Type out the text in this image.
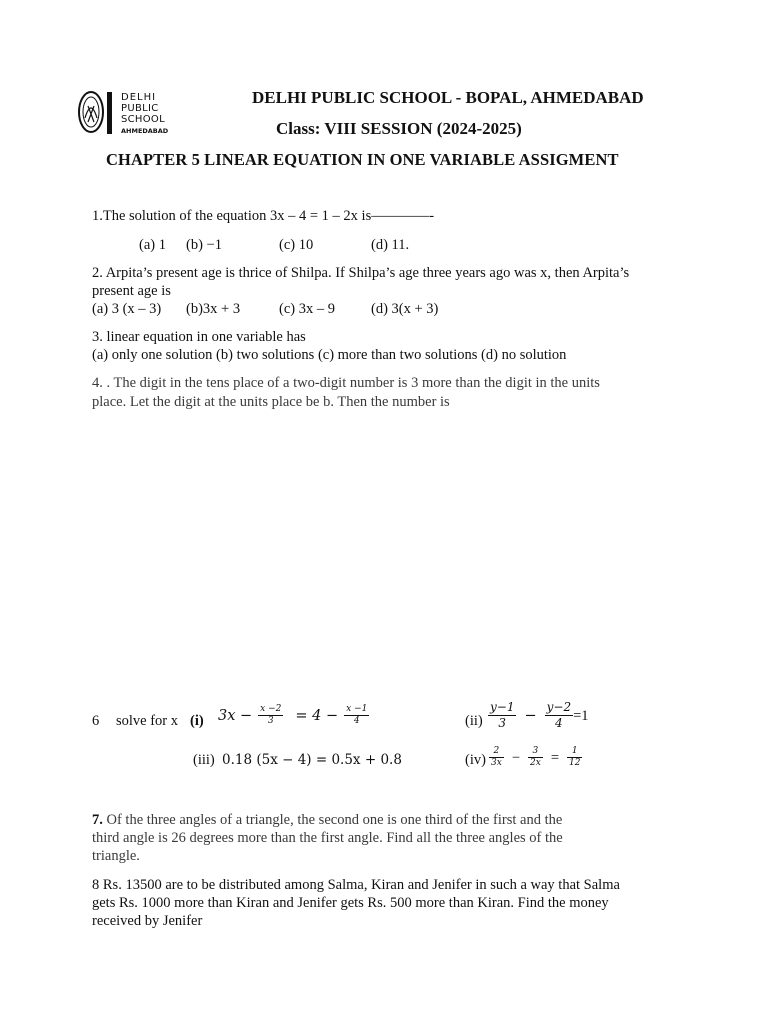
DELHI
PUBLIC
SCHOOL
AHMEDABAD
DELHI PUBLIC SCHOOL - BOPAL, AHMEDABAD
Class: VIII SESSION (2024-2025)
CHAPTER 5 LINEAR EQUATION IN ONE VARIABLE ASSIGMENT
1.The solution of the equation 3x – 4 = 1 – 2x is————-
(a) 1 (b) −1	(c) 10	(d) 11.
2. Arpita’s present age is thrice of Shilpa. If Shilpa’s age three years ago was x, then Arpita’s
present age is
(a) 3 (x – 3) (b)3x + 3	(c) 3x – 9 (d) 3(x + 3)
3. linear equation in one variable has
(a) only one solution (b) two solutions (c) more than two solutions (d) no solution
4. . The digit in the tens place of a two-digit number is 3 more than the digit in the units
place. Let the digit at the units place be b. Then the number is
6 solve for x (i) $3x - \frac{x -2}{3} = 4 - \frac{x -1}{4}$	$(ii) \frac{y-1}{3} - \frac{y-2}{4} =1$
(iii) 0.18 (5x − 4) = 0.5x + 0.8	$(iv) \frac{2}{3x} - \frac{3}{2x} = \frac{1}{12}$
7. Of the three angles of a triangle, the second one is one third of the first and the
third angle is 26 degrees more than the first angle. Find all the three angles of the
triangle.
8 Rs. 13500 are to be distributed among Salma, Kiran and Jenifer in such a way that Salma
gets Rs. 1000 more than Kiran and Jenifer gets Rs. 500 more than Kiran. Find the money
received by Jenifer
